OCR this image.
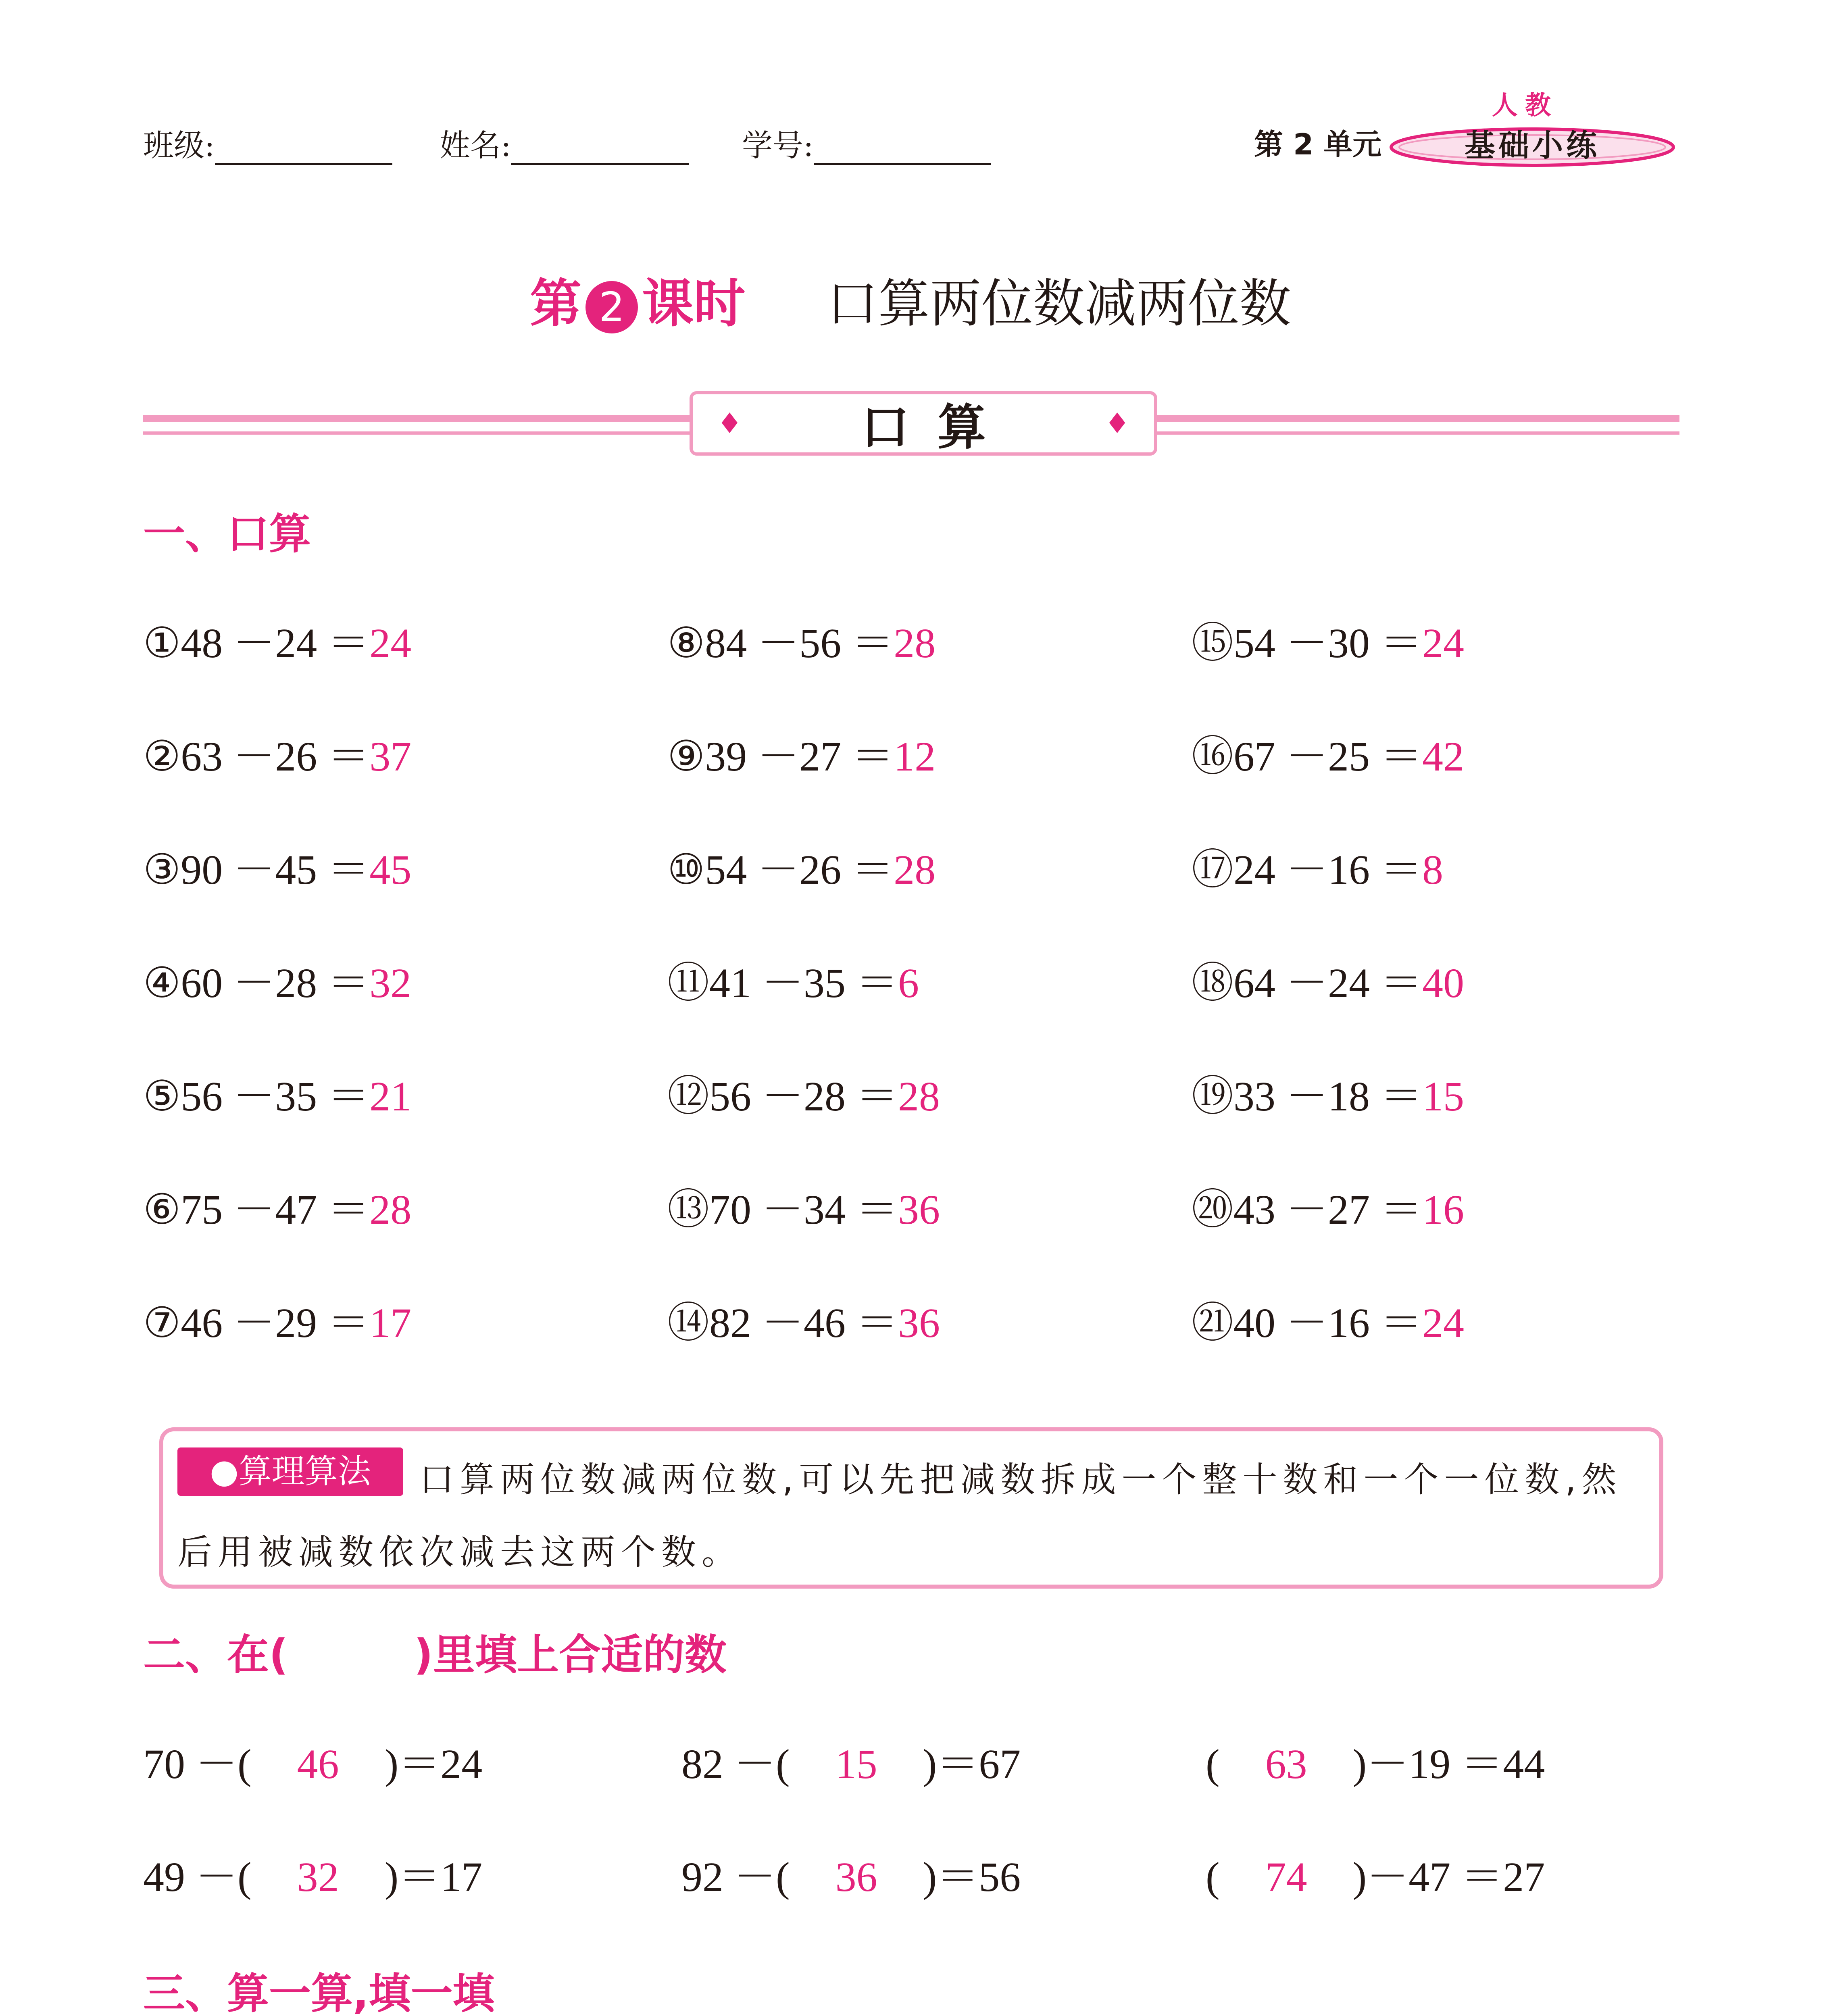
班级:	姓名:	学号:	第 2 单元
人教
基础小练
第 2 课时 口算两位数减两位数
♦ 口算	♦
一、口算
①48 －24 ＝24
②63 －26 ＝37
③90 －45 ＝45
④60 －28 ＝32
⑤56 －35 ＝21
⑥75 －47 ＝28
⑦46 －29 ＝17
⑧84 －56 ＝28
⑨39 －27 ＝12
⑩54 －26 ＝28
⑪41 －35 ＝6
⑫56 －28 ＝28
⑬70 －34 ＝36
⑭82 －46 ＝36
⑮54 －30 ＝24
⑯67 －25 ＝42
⑰24 －16 ＝8
⑱64 －24 ＝40
⑲33 －18 ＝15
⑳43 －27 ＝16
㉑40 －16 ＝24
●算理算法	口算两位数减两位数,可以先把减数拆成一个整十数和一个一位数,然
后用被减数依次减去这两个数。
二、在(　　　)里填上合适的数
70 －( 46 )＝24	82 －( 15 )＝67	( 63 )－19 ＝44
49 －( 32 )＝17	92 －( 36 )＝56	( 74 )－47 ＝27
三、算一算,填一填
